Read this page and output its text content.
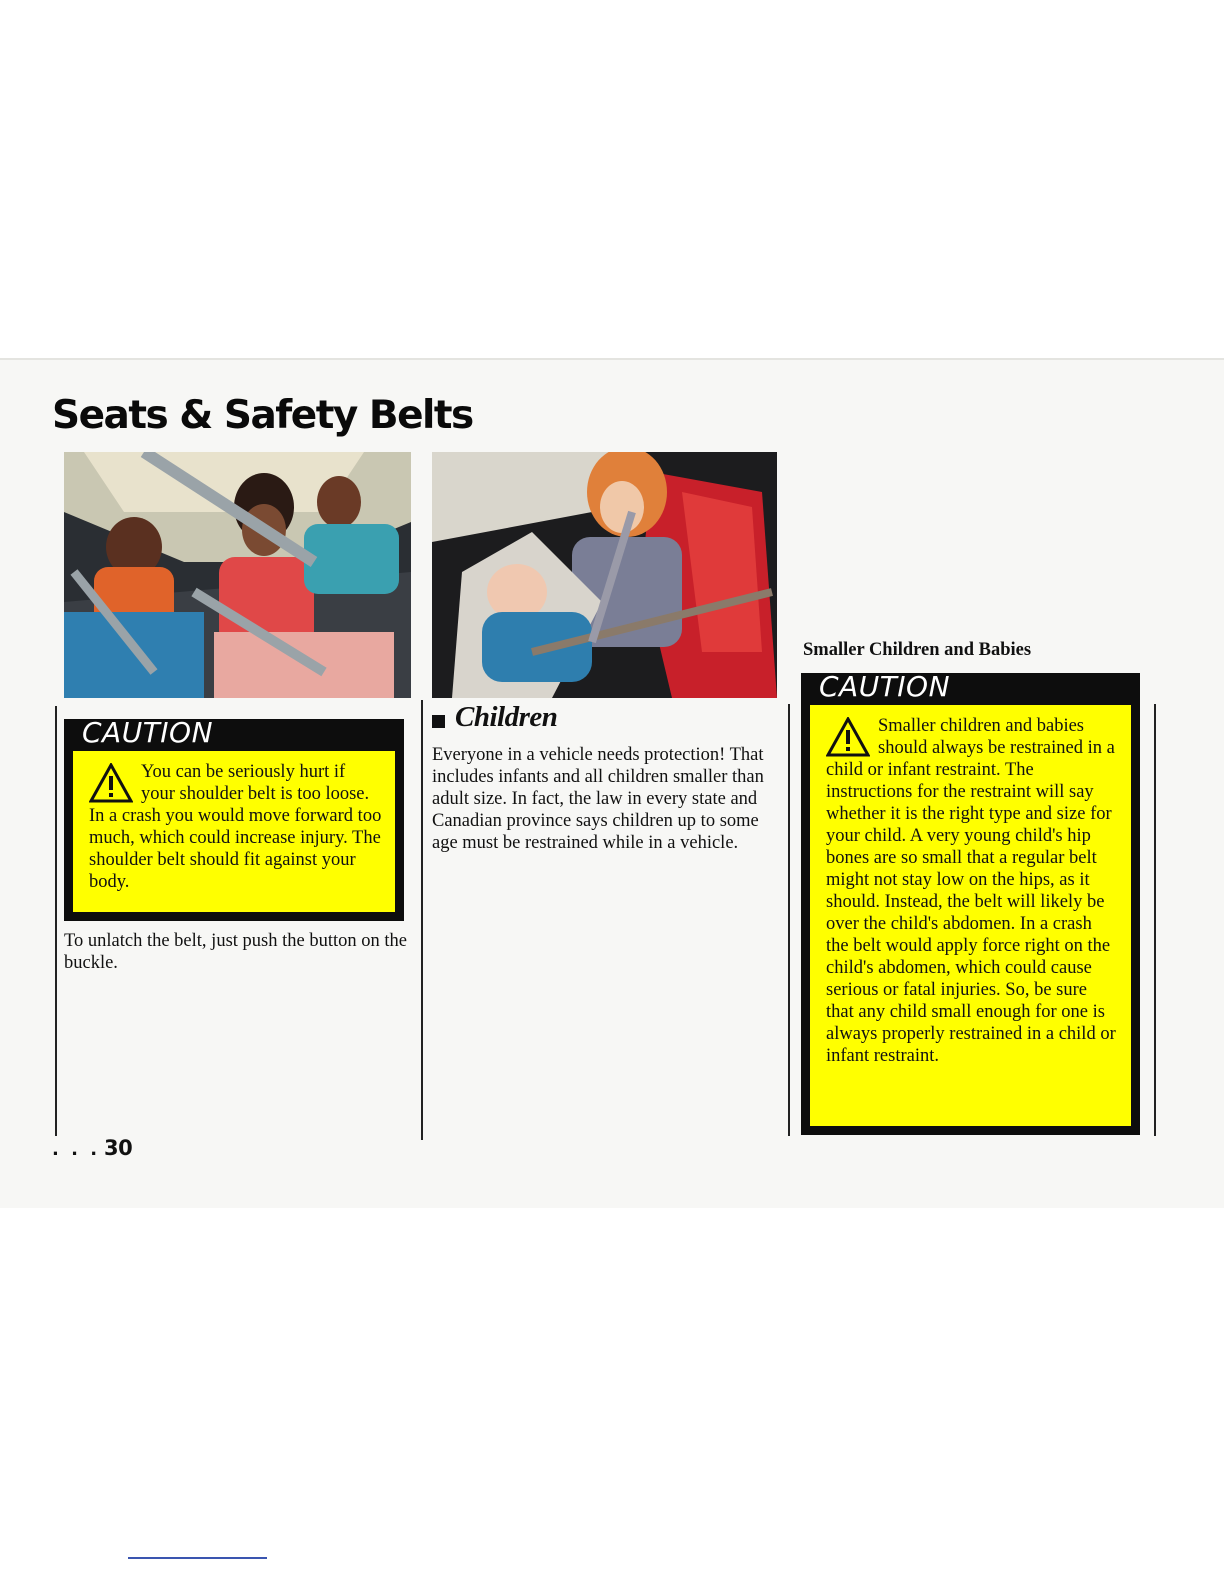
Seats & Safety Belts
CAUTION
You can be seriously hurt if your shoulder belt is too loose. In a crash you would move forward too much, which could increase injury. The shoulder belt should fit against your body.

To unlatch the belt, just push the button on the buckle.

Children

Everyone in a vehicle needs protection! That includes infants and all children smaller than adult size. In fact, the law in every state and Canadian province says children up to some age must be restrained while in a vehicle.

Smaller Children and Babies

CAUTION
Smaller children and babies should always be restrained in a child or infant restraint. The instructions for the restraint will say whether it is the right type and size for your child. A very young child's hip bones are so small that a regular belt might not stay low on the hips, as it should. Instead, the belt will likely be over the child's abdomen. In a crash the belt would apply force right on the child's abdomen, which could cause serious or fatal injuries. So, be sure that any child small enough for one is always properly restrained in a child or infant restraint.
. . . 30
